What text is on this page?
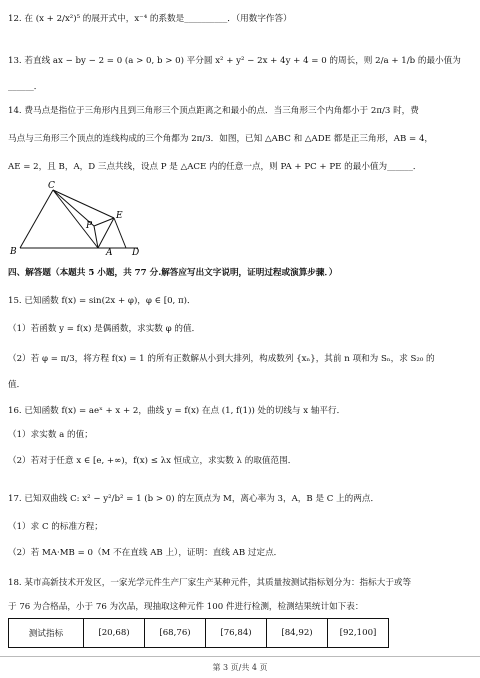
12. 在 (x + 2/x²)⁵ 的展开式中，x⁻⁴ 的系数是__________．（用数字作答）
13. 若直线 ax − by − 2 = 0 (a > 0, b > 0) 平分圆 x² + y² − 2x + 4y + 4 = 0 的周长，则 2/a + 1/b 的最小值为
______．
14. 费马点是指位于三角形内且到三角形三个顶点距离之和最小的点．当三角形三个内角都小于 2π/3 时，费
马点与三角形三个顶点的连线构成的三个角都为 2π/3．如图，已知 △ABC 和 △ADE 都是正三角形，AB = 4，
AE = 2，且 B，A，D 三点共线，设点 P 是 △ACE 内的任意一点，则 PA + PC + PE 的最小值为______．
C
E
P
B	A D
四、解答题（本题共 5 小题，共 77 分.解答应写出文字说明，证明过程或演算步骤．）
15. 已知函数 f(x) = sin(2x + φ)，φ ∈ [0, π)．
（1）若函数 y = f(x) 是偶函数，求实数 φ 的值．
（2）若 φ = π/3，将方程 f(x) = 1 的所有正数解从小到大排列，构成数列 {xₙ}，其前 n 项和为 Sₙ，求 S₂₀ 的
值．
16. 已知函数 f(x) = aeˣ + x + 2，曲线 y = f(x) 在点 (1, f(1)) 处的切线与 x 轴平行．
（1）求实数 a 的值；
（2）若对于任意 x ∈ [e, +∞)，f(x) ≤ λx 恒成立，求实数 λ 的取值范围．
17. 已知双曲线 C: x² − y²/b² = 1 (b > 0) 的左顶点为 M，离心率为 3，A，B 是 C 上的两点．
（1）求 C 的标准方程；
（2）若 MA·MB = 0（M 不在直线 AB 上），证明：直线 AB 过定点．
18. 某市高新技术开发区，一家光学元件生产厂家生产某种元件，其质量按测试指标划分为：指标大于或等
于 76 为合格品，小于 76 为次品，现抽取这种元件 100 件进行检测，检测结果统计如下表：
测试指标	[20,68)	[68,76)	[76,84)	[84,92)	[92,100]
第 3 页/共 4 页
